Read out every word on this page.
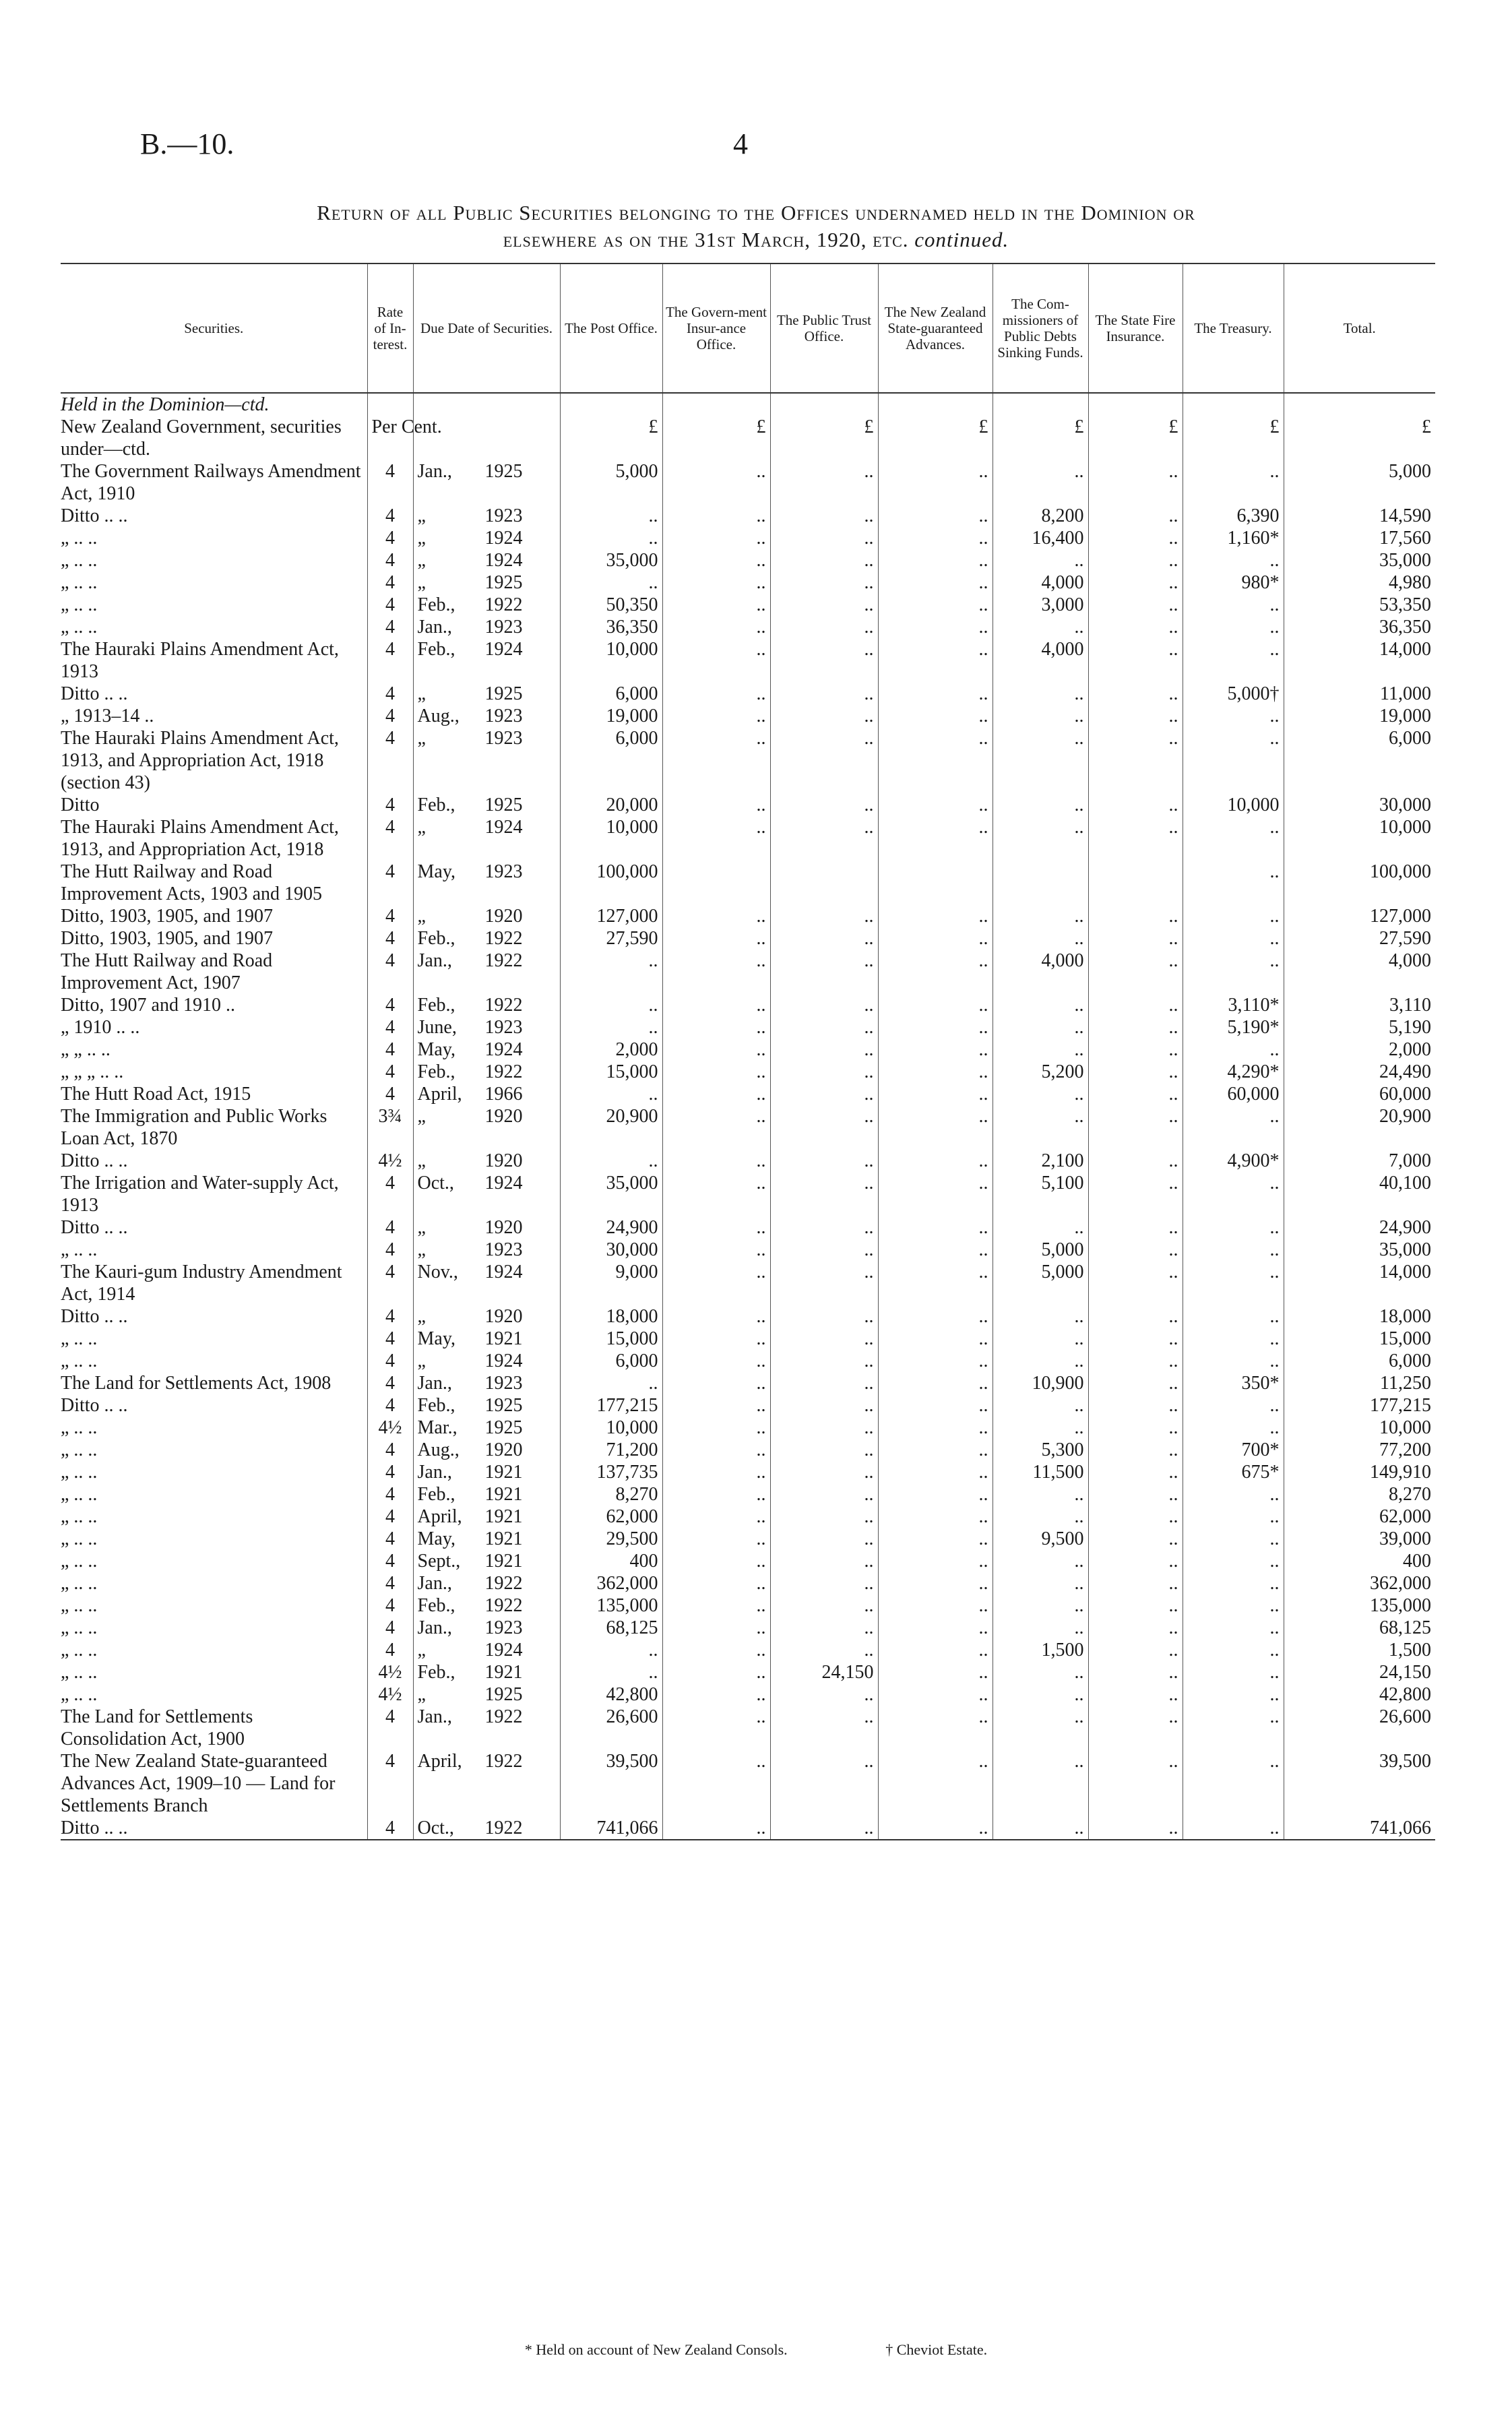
B.—10.	4
Return of all Public Securities belonging to the Offices undernamed held in the Dominion or
elsewhere as on the 31st March, 1920, etc. continued.
Securities.	Rate of In-terest.	Due Date of Securities.	The Post Office.	The Govern-ment Insur-ance Office.	The Public Trust Office.	The New Zealand State-guaranteed Advances.	The Com-missioners of Public Debts Sinking Funds.	The State Fire Insurance.	The Treasury.	Total.
Held in the Dominion—ctd.										
New Zealand Government, securities under—ctd.	Per Cent.		£	£	£	£	£	£	£	£
The Government Railways Amendment Act, 1910	4	Jan., 1925	5,000	..	..	..	..	..	..	5,000
Ditto .. ..	4	„ 1923	..	..	..	..	8,200	..	6,390	14,590
„ .. ..	4	„ 1924	..	..	..	..	16,400	..	1,160*	17,560
„ .. ..	4	„ 1924	35,000	..	..	..	..	..	..	35,000
„ .. ..	4	„ 1925	..	..	..	..	4,000	..	980*	4,980
„ .. ..	4	Feb., 1922	50,350	..	..	..	3,000	..	..	53,350
„ .. ..	4	Jan., 1923	36,350	..	..	..	..	..	..	36,350
The Hauraki Plains Amendment Act, 1913	4	Feb., 1924	10,000	..	..	..	4,000	..	..	14,000
Ditto .. ..	4	„ 1925	6,000	..	..	..	..	..	5,000†	11,000
„ 1913–14 ..	4	Aug., 1923	19,000	..	..	..	..	..	..	19,000
The Hauraki Plains Amendment Act, 1913, and Appropriation Act, 1918 (section 43)	4	„ 1923	6,000	..	..	..	..	..	..	6,000
Ditto	4	Feb., 1925	20,000	..	..	..	..	..	10,000	30,000
The Hauraki Plains Amendment Act, 1913, and Appropriation Act, 1918	4	„ 1924	10,000	..	..	..	..	..	..	10,000
The Hutt Railway and Road Improvement Acts, 1903 and 1905	4	May, 1923	100,000						..	100,000
Ditto, 1903, 1905, and 1907	4	„ 1920	127,000	..	..	..	..	..	..	127,000
Ditto, 1903, 1905, and 1907	4	Feb., 1922	27,590	..	..	..	..	..	..	27,590
The Hutt Railway and Road Improvement Act, 1907	4	Jan., 1922	..	..	..	..	4,000	..	..	4,000
Ditto, 1907 and 1910 ..	4	Feb., 1922	..	..	..	..	..	..	3,110*	3,110
„ 1910 .. ..	4	June, 1923	..	..	..	..	..	..	5,190*	5,190
„ „ .. ..	4	May, 1924	2,000	..	..	..	..	..	..	2,000
„ „ „ .. ..	4	Feb., 1922	15,000	..	..	..	5,200	..	4,290*	24,490
The Hutt Road Act, 1915	4	April, 1966	..	..	..	..	..	..	60,000	60,000
The Immigration and Public Works Loan Act, 1870	3¾	„ 1920	20,900	..	..	..	..	..	..	20,900
Ditto .. ..	4½	„ 1920	..	..	..	..	2,100	..	4,900*	7,000
The Irrigation and Water-supply Act, 1913	4	Oct., 1924	35,000	..	..	..	5,100	..	..	40,100
Ditto .. ..	4	„ 1920	24,900	..	..	..	..	..	..	24,900
„ .. ..	4	„ 1923	30,000	..	..	..	5,000	..	..	35,000
The Kauri-gum Industry Amendment Act, 1914	4	Nov., 1924	9,000	..	..	..	5,000	..	..	14,000
Ditto .. ..	4	„ 1920	18,000	..	..	..	..	..	..	18,000
„ .. ..	4	May, 1921	15,000	..	..	..	..	..	..	15,000
„ .. ..	4	„ 1924	6,000	..	..	..	..	..	..	6,000
The Land for Settlements Act, 1908	4	Jan., 1923	..	..	..	..	10,900	..	350*	11,250
Ditto .. ..	4	Feb., 1925	177,215	..	..	..	..	..	..	177,215
„ .. ..	4½	Mar., 1925	10,000	..	..	..	..	..	..	10,000
„ .. ..	4	Aug., 1920	71,200	..	..	..	5,300	..	700*	77,200
„ .. ..	4	Jan., 1921	137,735	..	..	..	11,500	..	675*	149,910
„ .. ..	4	Feb., 1921	8,270	..	..	..	..	..	..	8,270
„ .. ..	4	April, 1921	62,000	..	..	..	..	..	..	62,000
„ .. ..	4	May, 1921	29,500	..	..	..	9,500	..	..	39,000
„ .. ..	4	Sept., 1921	400	..	..	..	..	..	..	400
„ .. ..	4	Jan., 1922	362,000	..	..	..	..	..	..	362,000
„ .. ..	4	Feb., 1922	135,000	..	..	..	..	..	..	135,000
„ .. ..	4	Jan., 1923	68,125	..	..	..	..	..	..	68,125
„ .. ..	4	„ 1924	..	..	..	..	1,500	..	..	1,500
„ .. ..	4½	Feb., 1921	..	..	24,150	..	..	..	..	24,150
„ .. ..	4½	„ 1925	42,800	..	..	..	..	..	..	42,800
The Land for Settlements Consolidation Act, 1900	4	Jan., 1922	26,600	..	..	..	..	..	..	26,600
The New Zealand State-guaranteed Advances Act, 1909–10 — Land for Settlements Branch	4	April, 1922	39,500	..	..	..	..	..	..	39,500
Ditto .. ..	4	Oct., 1922	741,066	..	..	..	..	..	..	741,066
* Held on account of New Zealand Consols.	† Cheviot Estate.
